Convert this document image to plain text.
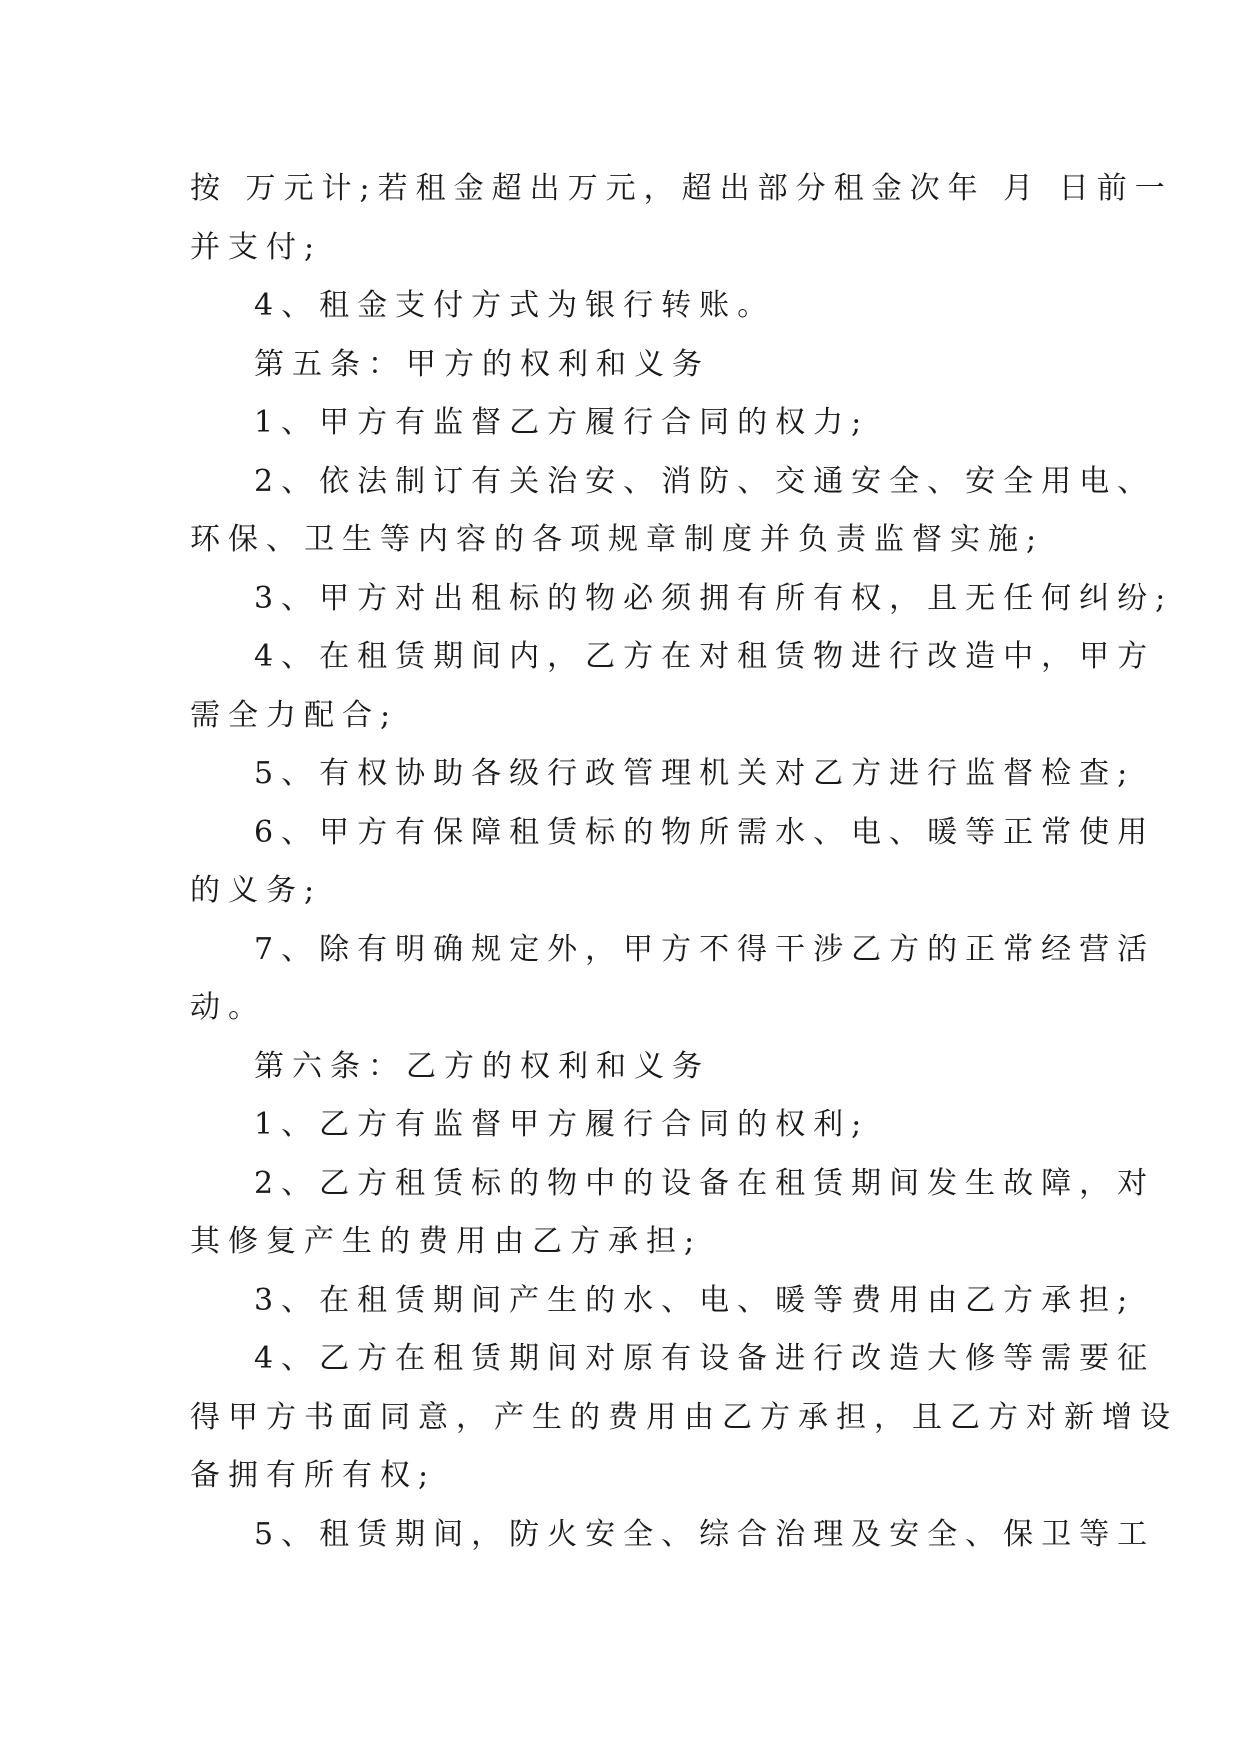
按 万元计;若租金超出万元，超出部分租金次年 月 日前一

并支付;

4、租金支付方式为银行转账。

第五条：甲方的权利和义务

1、甲方有监督乙方履行合同的权力;

2、依法制订有关治安、消防、交通安全、安全用电、

环保、卫生等内容的各项规章制度并负责监督实施;

3、甲方对出租标的物必须拥有所有权，且无任何纠纷;

4、在租赁期间内，乙方在对租赁物进行改造中，甲方

需全力配合;

5、有权协助各级行政管理机关对乙方进行监督检查;

6、甲方有保障租赁标的物所需水、电、暖等正常使用

的义务;

7、除有明确规定外，甲方不得干涉乙方的正常经营活

动。

第六条：乙方的权利和义务

1、乙方有监督甲方履行合同的权利;

2、乙方租赁标的物中的设备在租赁期间发生故障，对

其修复产生的费用由乙方承担;

3、在租赁期间产生的水、电、暖等费用由乙方承担;

4、乙方在租赁期间对原有设备进行改造大修等需要征

得甲方书面同意，产生的费用由乙方承担，且乙方对新增设

备拥有所有权;

5、租赁期间，防火安全、综合治理及安全、保卫等工
